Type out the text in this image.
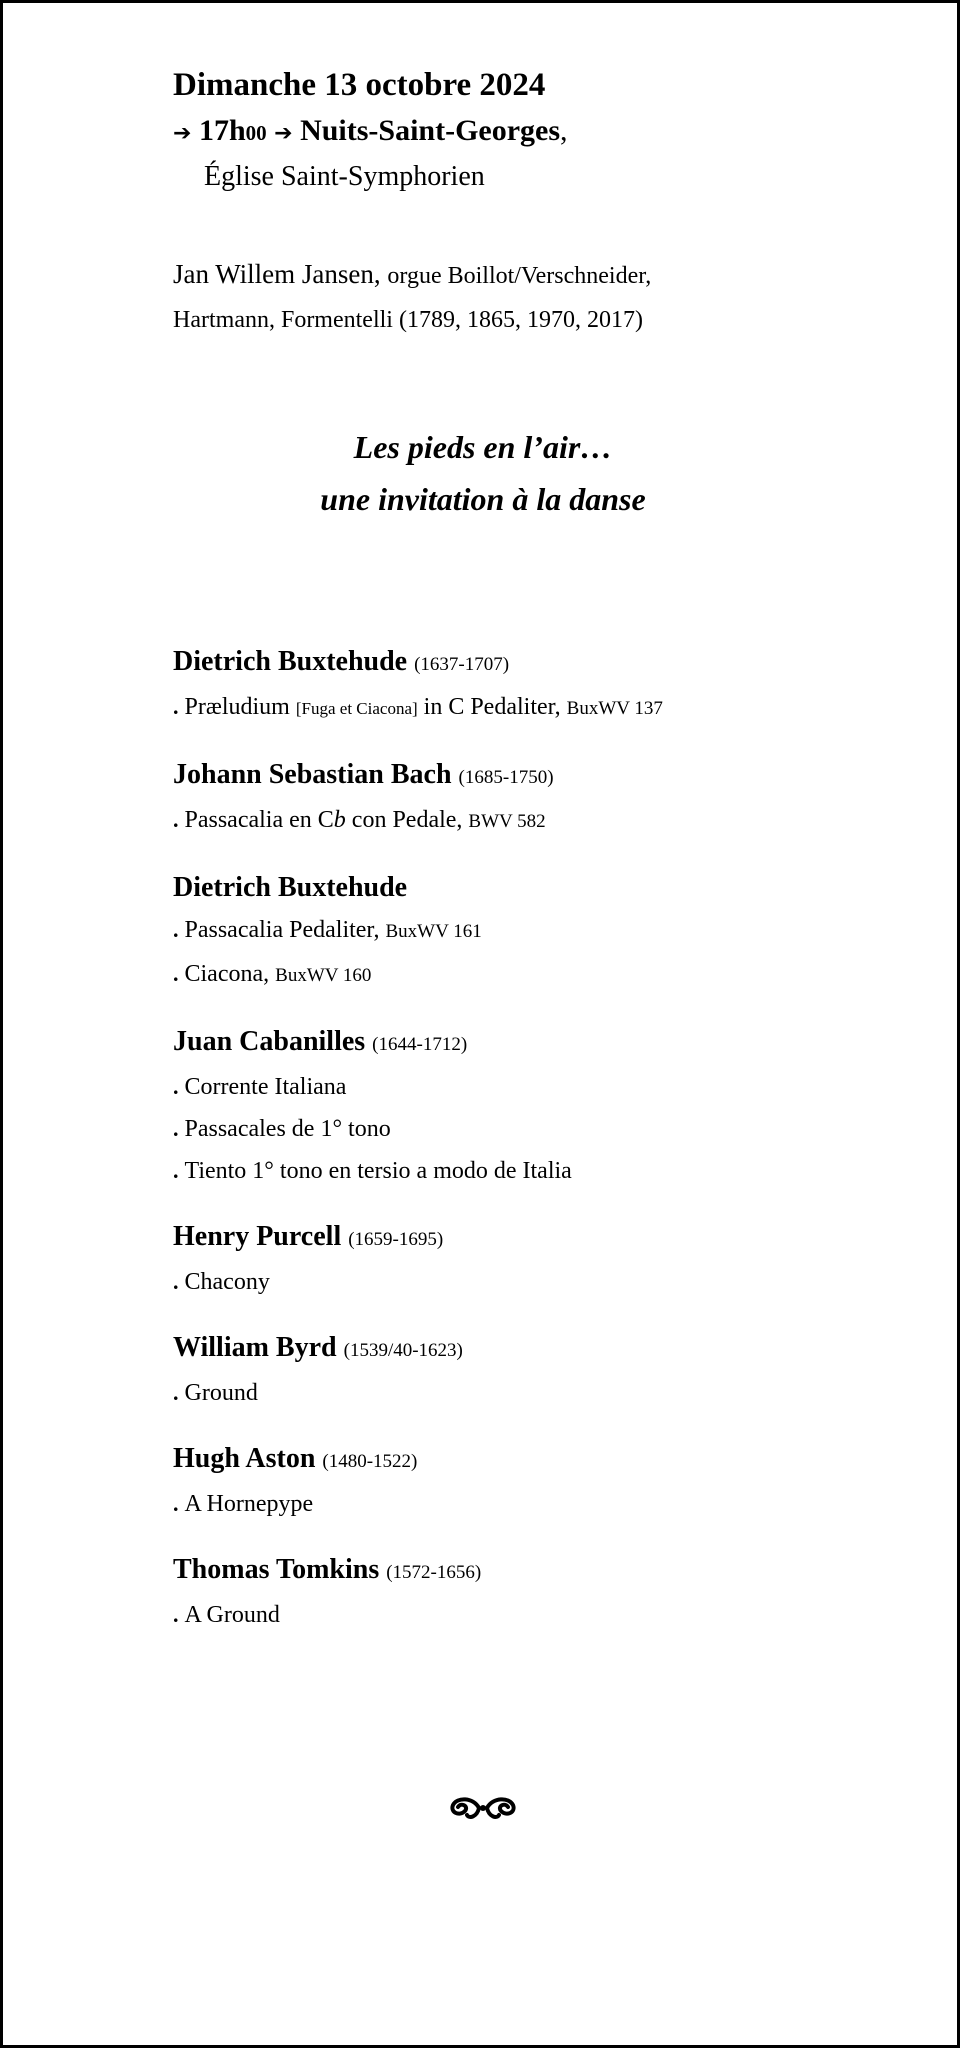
Dimanche 13 octobre 2024
➔ 17h00 ➔ Nuits-Saint-Georges,
Église Saint-Symphorien
Jan Willem Jansen, orgue Boillot/Verschneider,
Hartmann, Formentelli (1789, 1865, 1970, 2017)
Les pieds en l’air…
une invitation à la danse
Dietrich Buxtehude (1637-1707)
. Præludium [Fuga et Ciacona] in C Pedaliter, BuxWV 137
Johann Sebastian Bach (1685-1750)
. Passacalia en Cb con Pedale, BWV 582
Dietrich Buxtehude
. Passacalia Pedaliter, BuxWV 161
. Ciacona, BuxWV 160
Juan Cabanilles (1644-1712)
. Corrente Italiana
. Passacales de 1° tono
. Tiento 1° tono en tersio a modo de Italia
Henry Purcell (1659-1695)
. Chacony
William Byrd (1539/40-1623)
. Ground
Hugh Aston (1480-1522)
. A Hornepype
Thomas Tomkins (1572-1656)
. A Ground
